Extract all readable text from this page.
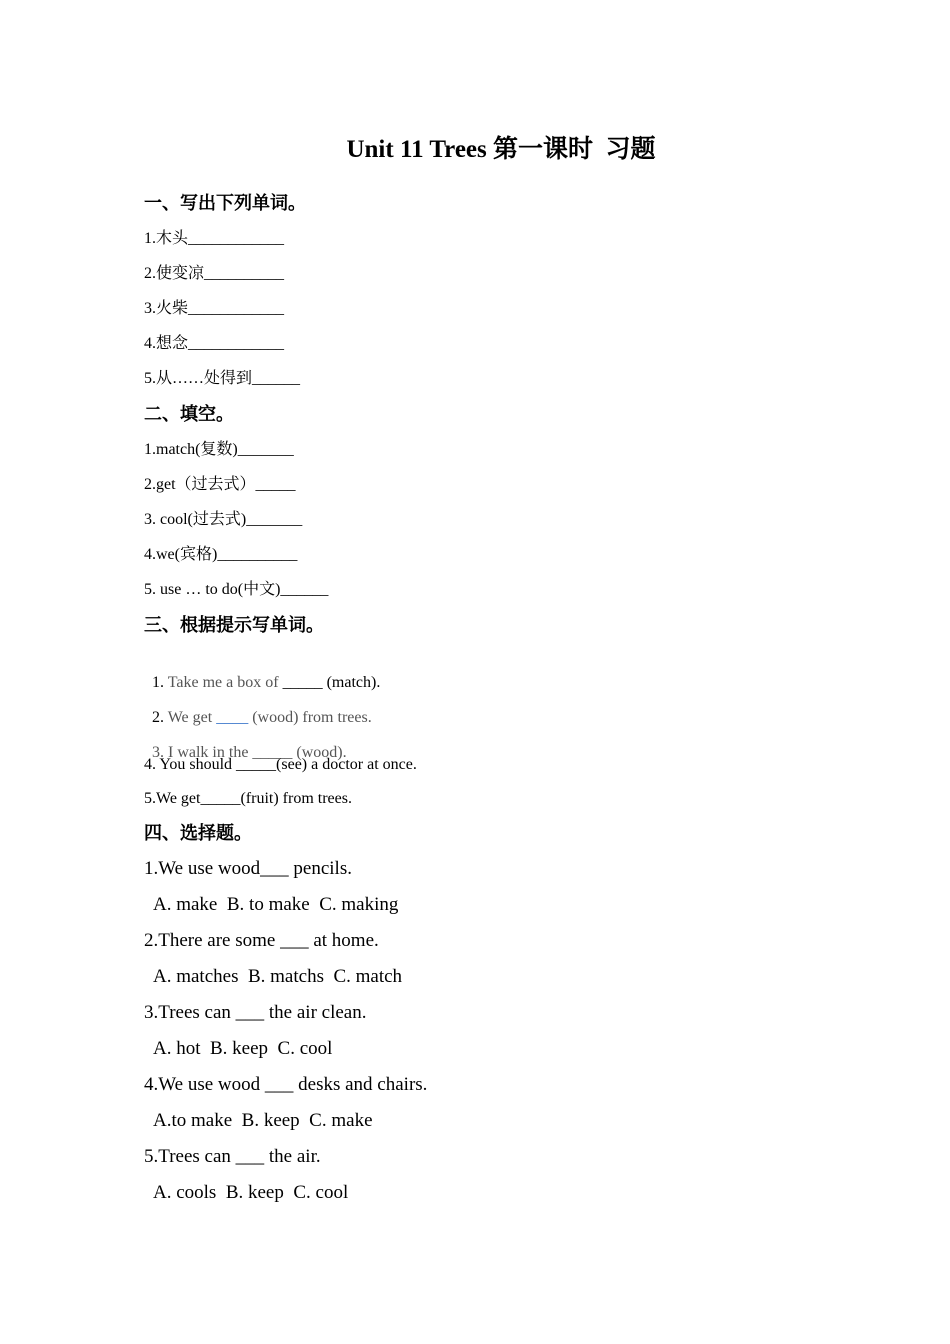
Unit 11 Trees 第一课时  习题
一、写出下列单词。
1.木头____________
2.使变凉__________
3.火柴____________
4.想念____________
5.从……处得到______
二、填空。
1.match(复数)_______
2.get（过去式）_____
3. cool(过去式)_______
4.we(宾格)__________
5. use … to do(中文)______
三、根据提示写单词。

1. Take me a box of _____ (match).

2. We get ____ (wood) from trees.

3. I walk in the _____ (wood).

4. You should _____(see) a doctor at once.
5.We get_____(fruit) from trees.
四、选择题。
1.We use wood___ pencils.
A. make  B. to make  C. making
2.There are some ___ at home.
A. matches  B. matchs  C. match
3.Trees can ___ the air clean.
A. hot  B. keep  C. cool
4.We use wood ___ desks and chairs.
A.to make  B. keep  C. make
5.Trees can ___ the air.
A. cools  B. keep  C. cool
